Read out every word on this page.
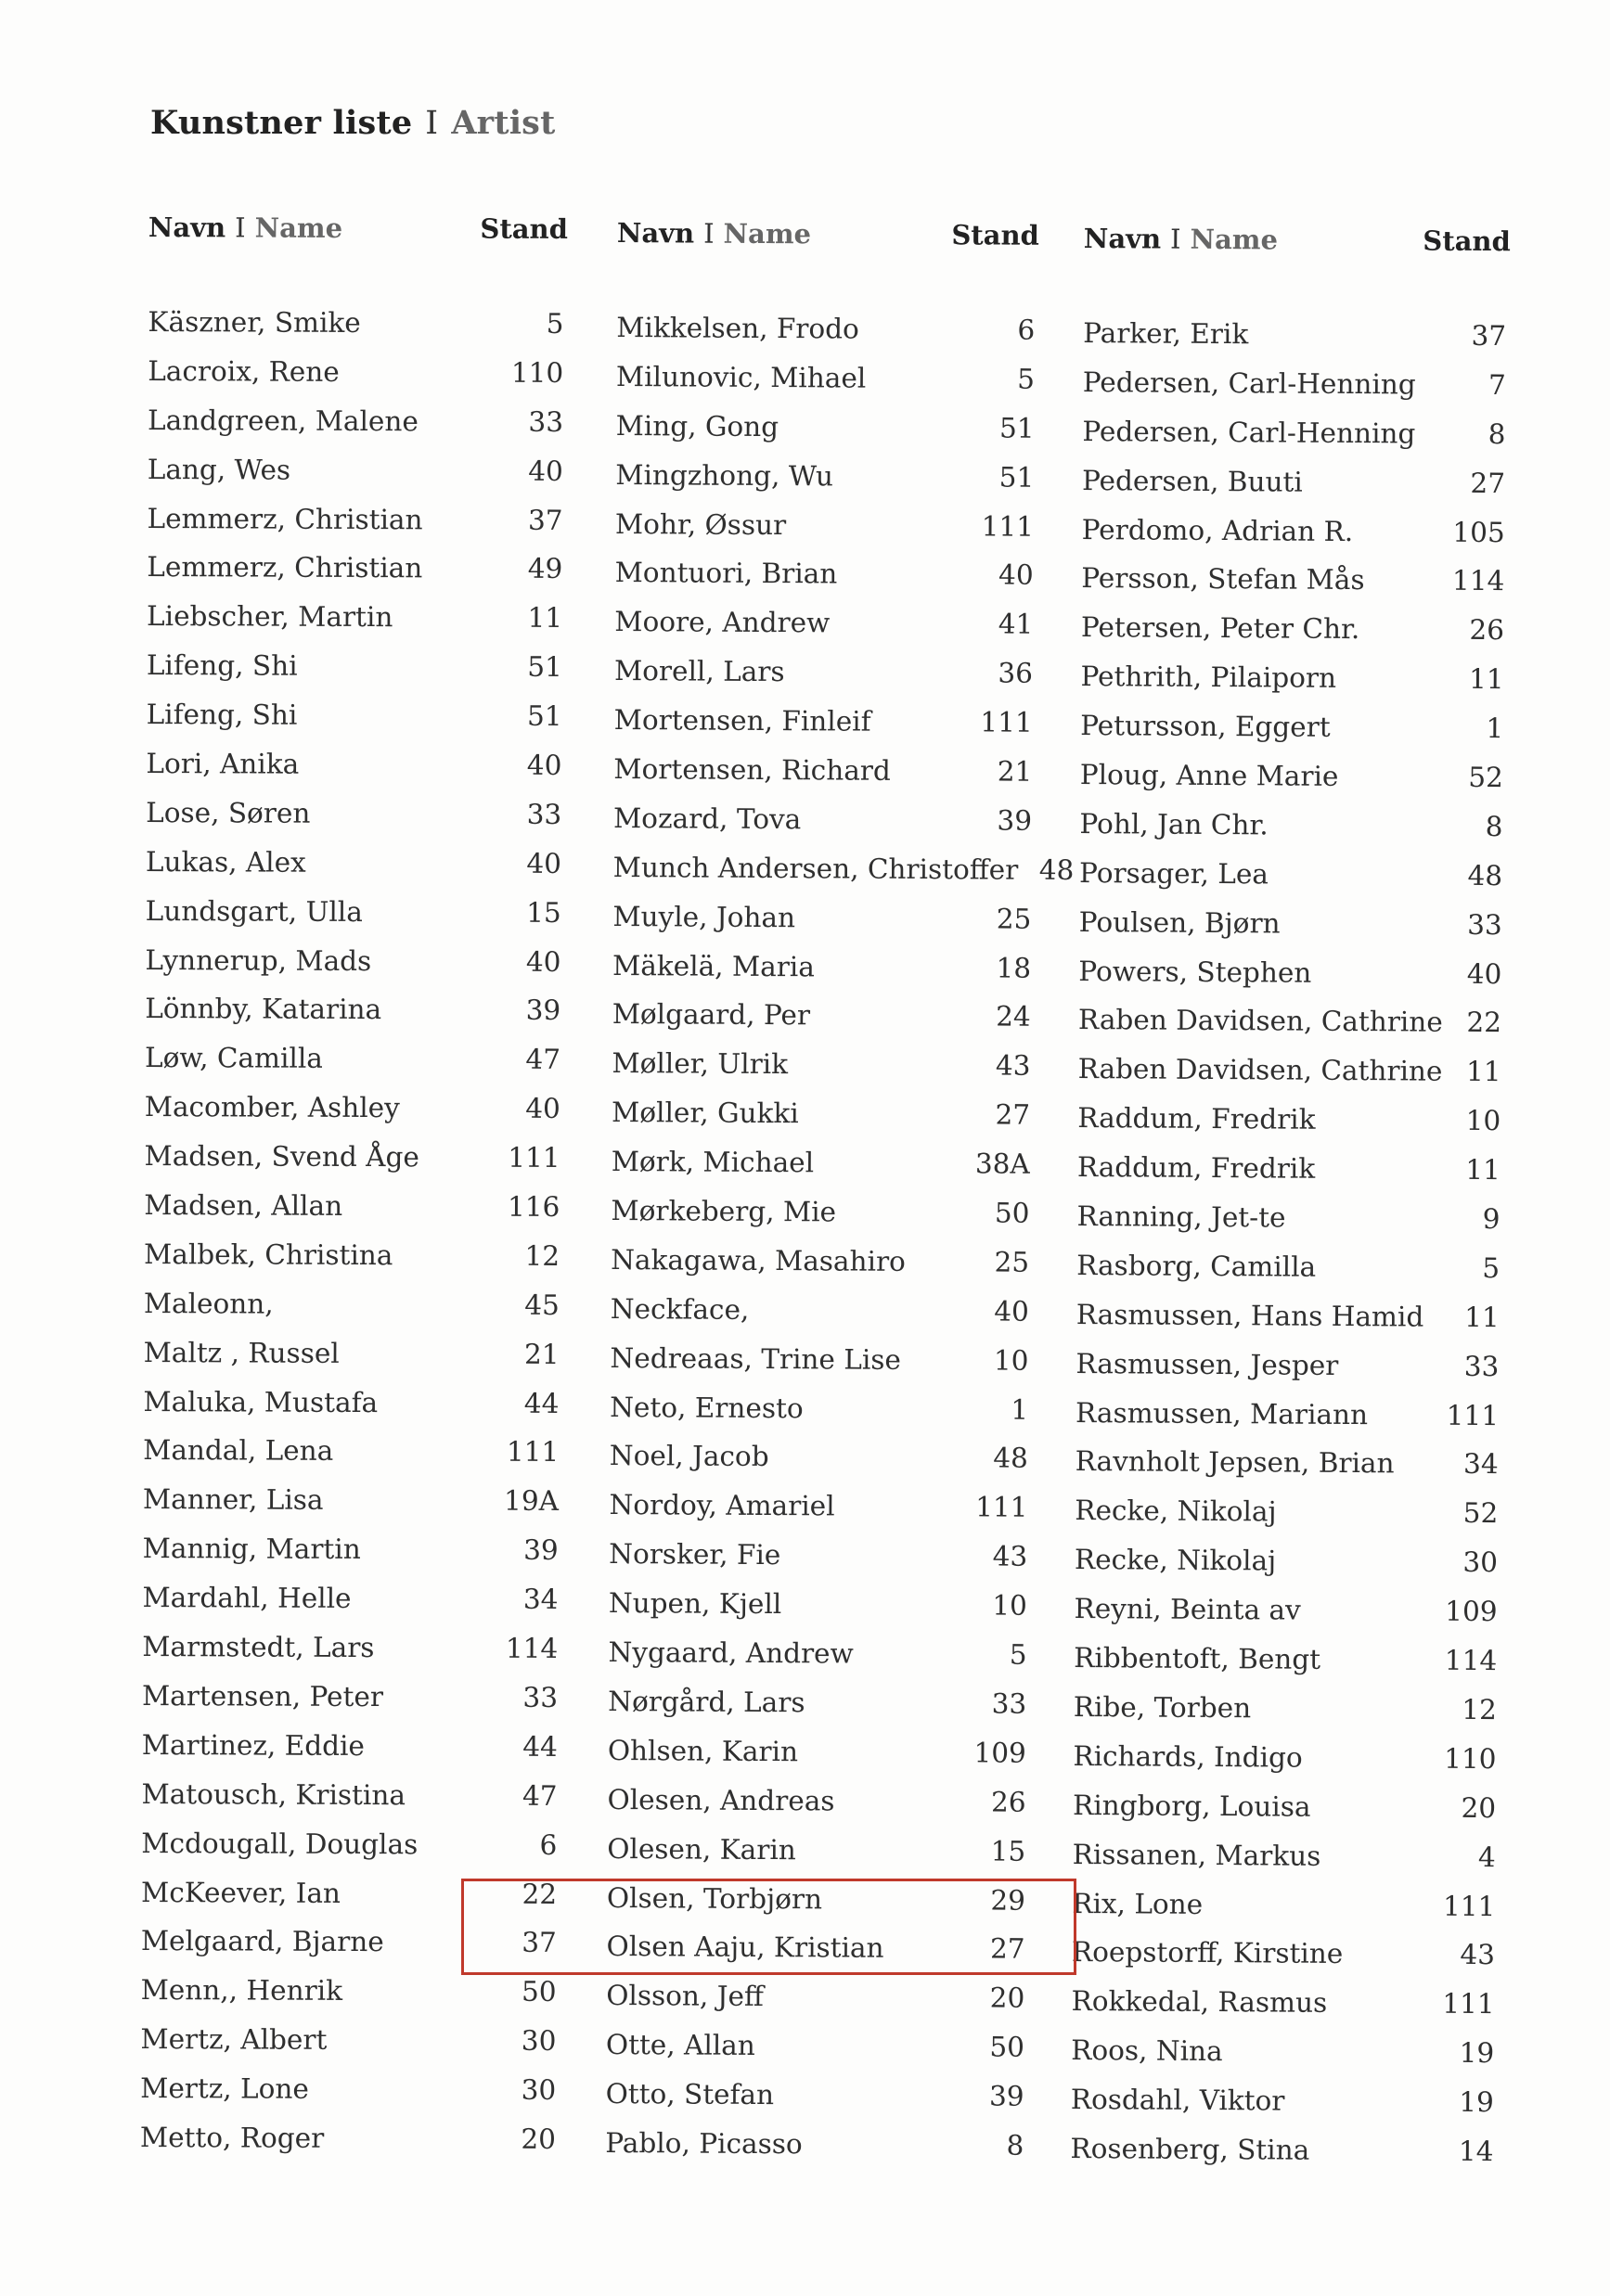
Kunstner liste I Artist
Navn I Name	Stand
Käszner, Smike	5
Lacroix, Rene	110
Landgreen, Malene	33
Lang, Wes	40
Lemmerz, Christian	37
Lemmerz, Christian	49
Liebscher, Martin	11
Lifeng, Shi	51
Lifeng, Shi	51
Lori, Anika	40
Lose, Søren	33
Lukas, Alex	40
Lundsgart, Ulla	15
Lynnerup, Mads	40
Lönnby, Katarina	39
Løw, Camilla	47
Macomber, Ashley	40
Madsen, Svend Åge	111
Madsen, Allan	116
Malbek, Christina	12
Maleonn,	45
Maltz , Russel	21
Maluka, Mustafa	44
Mandal, Lena	111
Manner, Lisa	19A
Mannig, Martin	39
Mardahl, Helle	34
Marmstedt, Lars	114
Martensen, Peter	33
Martinez, Eddie	44
Matousch, Kristina	47
Mcdougall, Douglas	6
McKeever, Ian	22
Melgaard, Bjarne	37
Menn,, Henrik	50
Mertz, Albert	30
Mertz, Lone	30
Metto, Roger	20
Navn I Name	Stand
Mikkelsen, Frodo	6
Milunovic, Mihael	5
Ming, Gong	51
Mingzhong, Wu	51
Mohr, Øssur	111
Montuori, Brian	40
Moore, Andrew	41
Morell, Lars	36
Mortensen, Finleif	111
Mortensen, Richard	21
Mozard, Tova	39
Munch Andersen, Christoffer 48
Muyle, Johan	25
Mäkelä, Maria	18
Mølgaard, Per	24
Møller, Ulrik	43
Møller, Gukki	27
Mørk, Michael	38A
Mørkeberg, Mie	50
Nakagawa, Masahiro	25
Neckface,	40
Nedreaas, Trine Lise	10
Neto, Ernesto	1
Noel, Jacob	48
Nordoy, Amariel	111
Norsker, Fie	43
Nupen, Kjell	10
Nygaard, Andrew	5
Nørgård, Lars	33
Ohlsen, Karin	109
Olesen, Andreas	26
Olesen, Karin	15
Olsen, Torbjørn	29
Olsen Aaju, Kristian	27
Olsson, Jeff	20
Otte, Allan	50
Otto, Stefan	39
Pablo, Picasso	8
Navn I Name	Stand
Parker, Erik	37
Pedersen, Carl-Henning	7
Pedersen, Carl-Henning	8
Pedersen, Buuti	27
Perdomo, Adrian R.	105
Persson, Stefan Mås	114
Petersen, Peter Chr.	26
Pethrith, Pilaiporn	11
Petursson, Eggert	1
Ploug, Anne Marie	52
Pohl, Jan Chr.	8
Porsager, Lea	48
Poulsen, Bjørn	33
Powers, Stephen	40
Raben Davidsen, Cathrine 22
Raben Davidsen, Cathrine 11
Raddum, Fredrik	10
Raddum, Fredrik	11
Ranning, Jet-te	9
Rasborg, Camilla	5
Rasmussen, Hans Hamid	11
Rasmussen, Jesper	33
Rasmussen, Mariann	111
Ravnholt Jepsen, Brian	34
Recke, Nikolaj	52
Recke, Nikolaj	30
Reyni, Beinta av	109
Ribbentoft, Bengt	114
Ribe, Torben	12
Richards, Indigo	110
Ringborg, Louisa	20
Rissanen, Markus	4
Rix, Lone	111
Roepstorff, Kirstine	43
Rokkedal, Rasmus	111
Roos, Nina	19
Rosdahl, Viktor	19
Rosenberg, Stina	14
